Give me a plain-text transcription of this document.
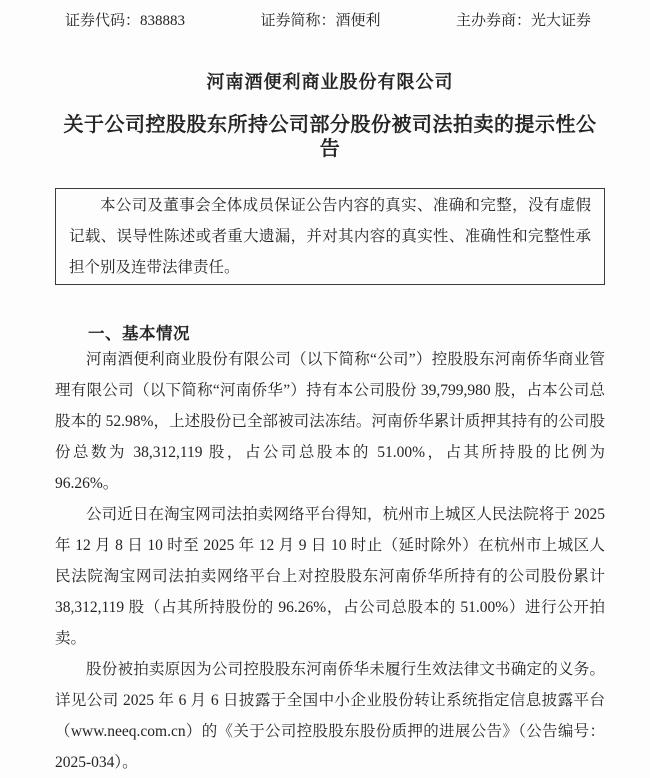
证券代码：838883	证券简称：酒便利	主办券商：光大证券
河南酒便利商业股份有限公司
关于公司控股股东所持公司部分股份被司法拍卖的提示性公告

本公司及董事会全体成员保证公告内容的真实、准确和完整，没有虚假记载、误导性陈述或者重大遗漏，并对其内容的真实性、准确性和完整性承担个别及连带法律责任。

一、基本情况

河南酒便利商业股份有限公司（以下简称“公司”）控股股东河南侨华商业管理有限公司（以下简称“河南侨华”）持有本公司股份 39,799,980 股，占本公司总股本的 52.98%，上述股份已全部被司法冻结。河南侨华累计质押其持有的公司股份总数为 38,312,119 股，占公司总股本的 51.00%，占其所持股的比例为 96.26%。

公司近日在淘宝网司法拍卖网络平台得知，杭州市上城区人民法院将于 2025 年 12 月 8 日 10 时至 2025 年 12 月 9 日 10 时止（延时除外）在杭州市上城区人民法院淘宝网司法拍卖网络平台上对控股股东河南侨华所持有的公司股份累计 38,312,119 股（占其所持股份的 96.26%，占公司总股本的 51.00%）进行公开拍卖。

股份被拍卖原因为公司控股股东河南侨华未履行生效法律文书确定的义务。详见公司 2025 年 6 月 6 日披露于全国中小企业股份转让系统指定信息披露平台（www.neeq.com.cn）的《关于公司控股股东股份质押的进展公告》（公告编号：2025-034）。
